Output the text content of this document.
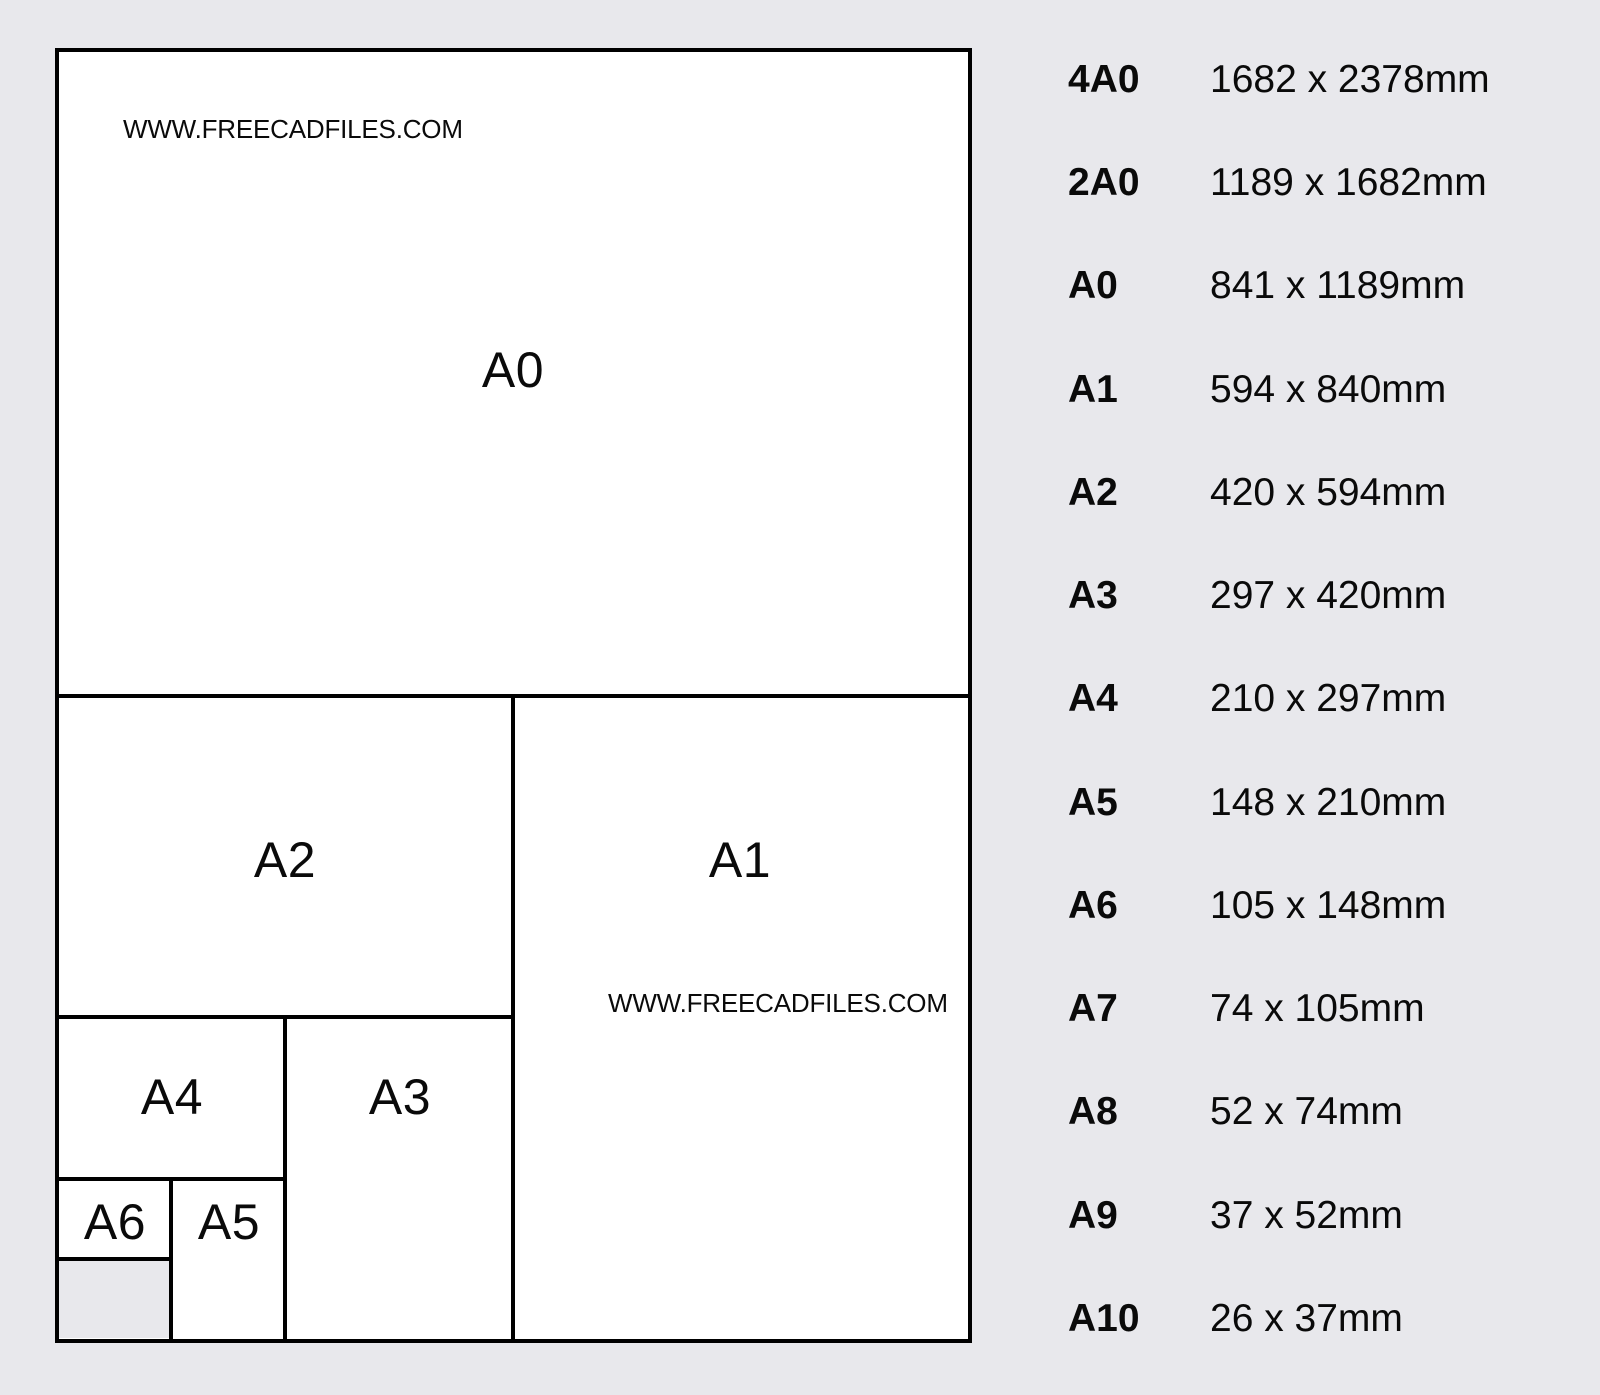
A0
A1
A2
A3
A4
A5
A6
WWW.FREECADFILES.COM
WWW.FREECADFILES.COM
4A0 1682 x 2378mm
2A0 1189 x 1682mm
A0 841 x 1189mm
A1 594 x 840mm
A2 420 x 594mm
A3 297 x 420mm
A4 210 x 297mm
A5 148 x 210mm
A6 105 x 148mm
A7 74 x 105mm
A8 52 x 74mm
A9 37 x 52mm
A10 26 x 37mm
